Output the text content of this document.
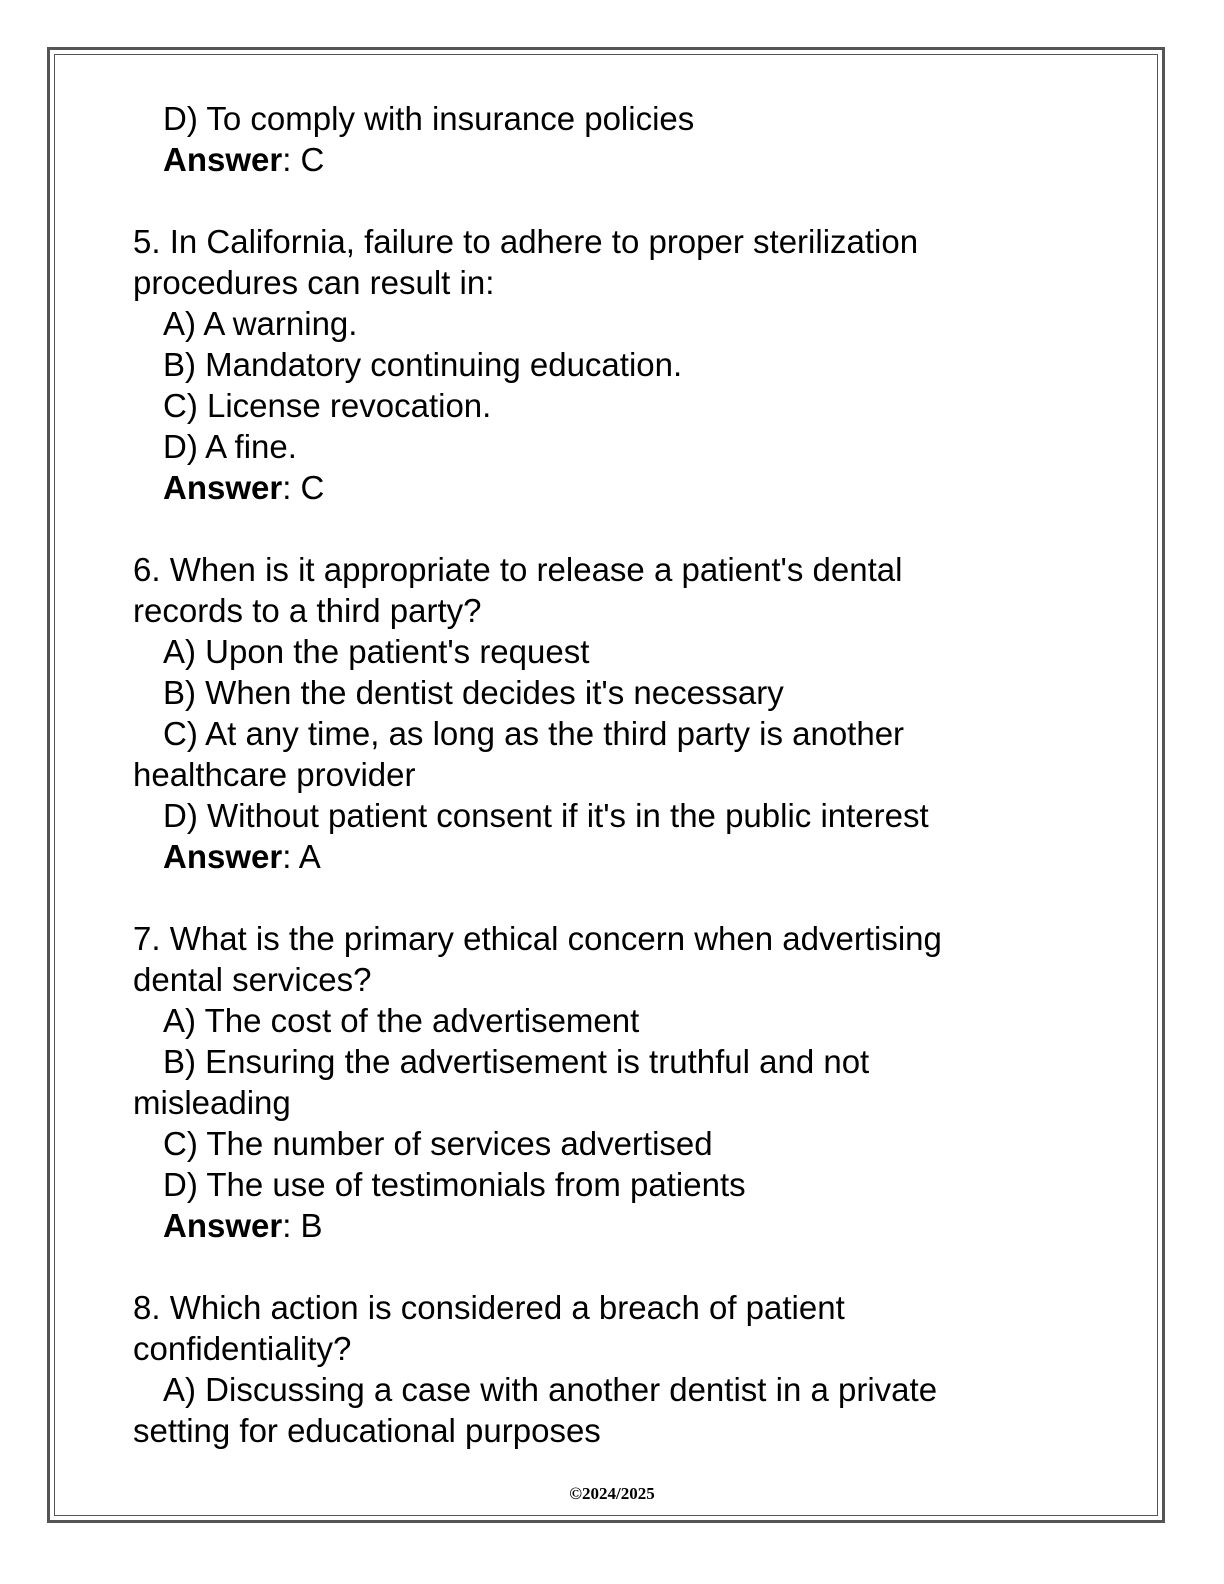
D) To comply with insurance policies
Answer: C
5. In California, failure to adhere to proper sterilization
procedures can result in:
A) A warning.
B) Mandatory continuing education.
C) License revocation.
D) A fine.
Answer: C
6. When is it appropriate to release a patient's dental
records to a third party?
A) Upon the patient's request
B) When the dentist decides it's necessary
C) At any time, as long as the third party is another
healthcare provider
D) Without patient consent if it's in the public interest
Answer: A
7. What is the primary ethical concern when advertising
dental services?
A) The cost of the advertisement
B) Ensuring the advertisement is truthful and not
misleading
C) The number of services advertised
D) The use of testimonials from patients
Answer: B
8. Which action is considered a breach of patient
confidentiality?
A) Discussing a case with another dentist in a private
setting for educational purposes
©2024/2025
